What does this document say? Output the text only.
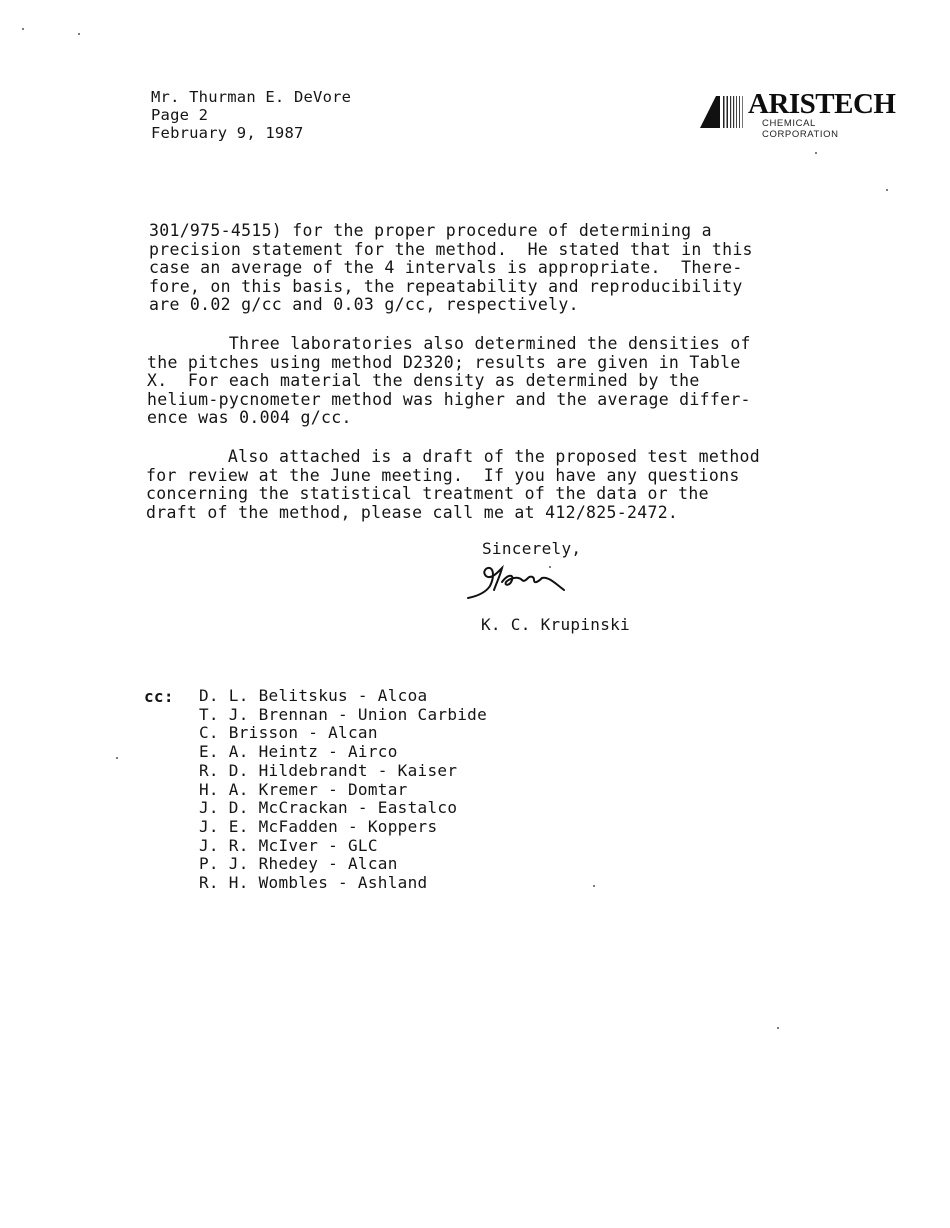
Mr. Thurman E. DeVore
Page 2
February 9, 1987
ARISTECH
CHEMICAL CORPORATION
301/975-4515) for the proper procedure of determining a
precision statement for the method.  He stated that in this
case an average of the 4 intervals is appropriate.  There-
fore, on this basis, the repeatability and reproducibility
are 0.02 g/cc and 0.03 g/cc, respectively.
Three laboratories also determined the densities of
the pitches using method D2320; results are given in Table
X.  For each material the density as determined by the
helium-pycnometer method was higher and the average differ-
ence was 0.004 g/cc.
Also attached is a draft of the proposed test method
for review at the June meeting.  If you have any questions
concerning the statistical treatment of the data or the
draft of the method, please call me at 412/825-2472.
Sincerely,
K. C. Krupinski
cc: D. L. Belitskus - Alcoa
T. J. Brennan - Union Carbide
C. Brisson - Alcan
E. A. Heintz - Airco
R. D. Hildebrandt - Kaiser
H. A. Kremer - Domtar
J. D. McCrackan - Eastalco
J. E. McFadden - Koppers
J. R. McIver - GLC
P. J. Rhedey - Alcan
R. H. Wombles - Ashland
